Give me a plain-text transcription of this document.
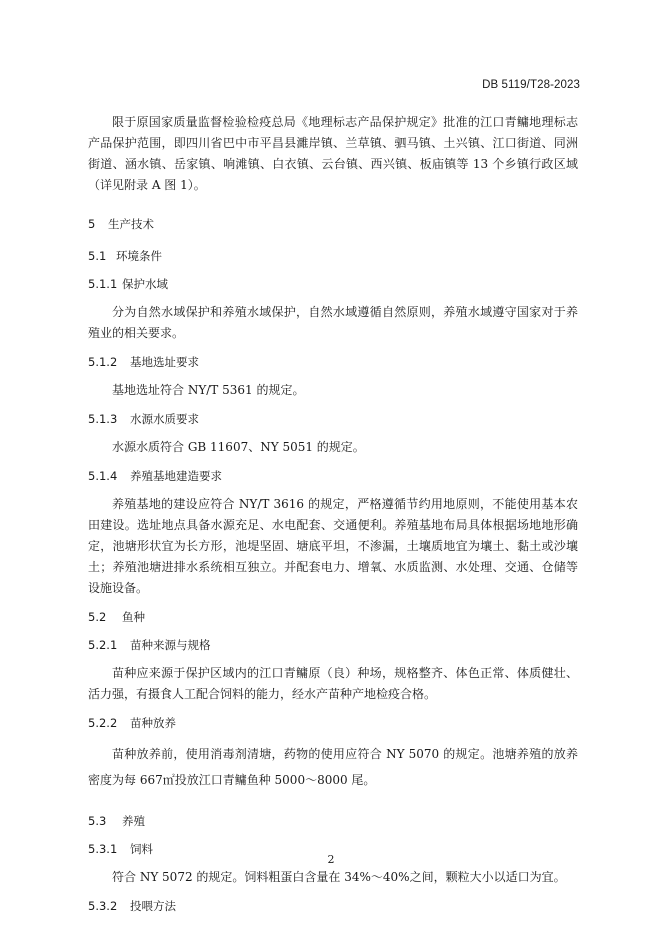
DB 5119/T28-2023

限于原国家质量监督检验检疫总局《地理标志产品保护规定》批准的江口青鳙地理标志产品保护范围，即四川省巴中市平昌县濉岸镇、兰草镇、驷马镇、土兴镇、江口街道、同洲街道、涵水镇、岳家镇、响滩镇、白衣镇、云台镇、西兴镇、板庙镇等 13 个乡镇行政区域（详见附录 A 图 1）。

5 生产技术
5.1 环境条件
5.1.1 保护水域

分为自然水域保护和养殖水域保护，自然水域遵循自然原则，养殖水域遵守国家对于养殖业的相关要求。

5.1.2 基地选址要求

基地选址符合 NY/T 5361 的规定。

5.1.3 水源水质要求

水源水质符合 GB 11607、NY 5051 的规定。

5.1.4 养殖基地建造要求

养殖基地的建设应符合 NY/T 3616 的规定，严格遵循节约用地原则，不能使用基本农田建设。选址地点具备水源充足、水电配套、交通便利。养殖基地布局具体根据场地地形确定，池塘形状宜为长方形，池堤坚固、塘底平坦，不渗漏，土壤质地宜为壤土、黏土或沙壤土；养殖池塘进排水系统相互独立。并配套电力、增氧、水质监测、水处理、交通、仓储等设施设备。

5.2 鱼种
5.2.1 苗种来源与规格

苗种应来源于保护区域内的江口青鳙原（良）种场，规格整齐、体色正常、体质健壮、活力强，有摄食人工配合饲料的能力，经水产苗种产地检疫合格。

5.2.2 苗种放养

苗种放养前，使用消毒剂清塘，药物的使用应符合 NY 5070 的规定。池塘养殖的放养密度为每 667㎡投放江口青鳙鱼种 5000～8000 尾。

5.3 养殖
5.3.1 饲料

符合 NY 5072 的规定。饲料粗蛋白含量在 34%～40%之间，颗粒大小以适口为宜。

5.3.2 投喂方法
2
